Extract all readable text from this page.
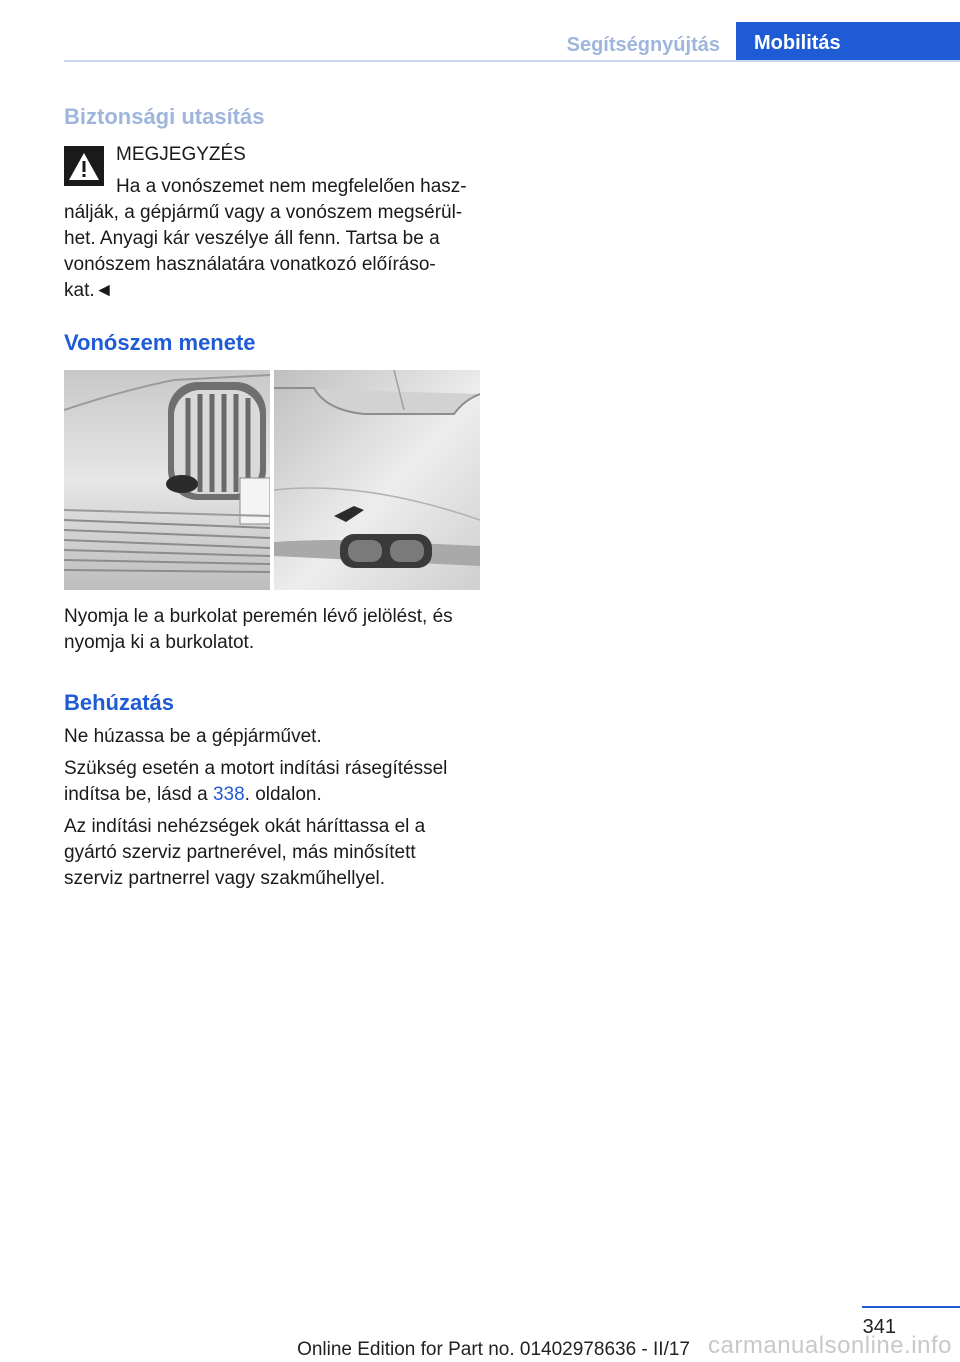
Segítségnyújtás	Mobilitás
Biztonsági utasítás

MEGJEGYZÉS

Ha a vonószemet nem megfelelően hasz-

nálják, a gépjármű vagy a vonószem megsérül-

het. Anyagi kár veszélye áll fenn. Tartsa be a

vonószem használatára vonatkozó előíráso-

kat.◄

Vonószem menete

Nyomja le a burkolat peremén lévő jelölést, és

nyomja ki a burkolatot.

Behúzatás

Ne húzassa be a gépjárművet.

Szükség esetén a motort indítási rásegítéssel

indítsa be, lásd a 338. oldalon.

Az indítási nehézségek okát háríttassa el a

gyártó szerviz partnerével, más minősített

szerviz partnerrel vagy szakműhellyel.

341
Online Edition for Part no. 01402978636 - II/17 carmanualsonline.info
